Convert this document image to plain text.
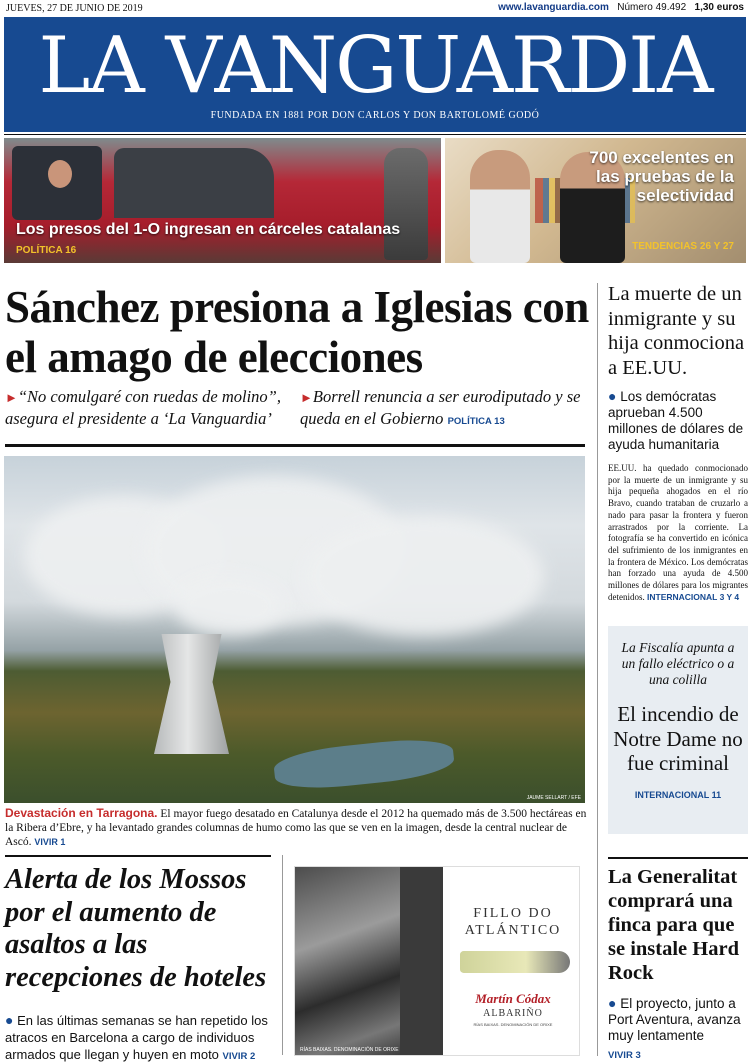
JUEVES, 27 DE JUNIO DE 2019	www.lavanguardia.com Número 49.492 1,30 euros
LA VANGUARDIA
FUNDADA EN 1881 POR DON CARLOS Y DON BARTOLOMÉ GODÓ
Los presos del 1-O ingresan en cárceles catalanas
POLÍTICA 16
700 excelentes en las pruebas de la selectividad
TENDENCIAS 26 Y 27
Sánchez presiona a Iglesias con el amago de elecciones
►“No comulgaré con ruedas de molino”, asegura el presidente a ‘La Vanguardia’
►Borrell renuncia a ser eurodiputado y se queda en el Gobierno POLÍTICA 13
JAUME SELLART / EFE
Devastación en Tarragona. El mayor fuego desatado en Catalunya desde el 2012 ha quemado más de 3.500 hectáreas en la Ribera d’Ebre, y ha levantado grandes columnas de humo como las que se ven en la imagen, desde la central nuclear de Ascó. VIVIR 1
Alerta de los Mossos por el aumento de asaltos a las recepciones de hoteles
● En las últimas semanas se han repetido los atracos en Barcelona a cargo de individuos armados que llegan y huyen en moto VIVIR 2
RÍAS BAIXAS. DENOMINACIÓN DE ORIXE
FILLO DO ATLÁNTICO
Martín Códax
ALBARIÑO
RÍAS BAIXAS. DENOMINACIÓN DE ORIXE
La muerte de un inmigrante y su hija conmociona a EE.UU.
● Los demócratas aprueban 4.500 millones de dólares de ayuda humanitaria
EE.UU. ha quedado conmocionado por la muerte de un inmigrante y su hija pequeña ahogados en el río Bravo, cuando trataban de cruzarlo a nado para pasar la frontera y fueron arrastrados por la corriente. La fotografía se ha convertido en icónica del sufrimiento de los inmigrantes en la frontera de México. Los demócratas han forzado una ayuda de 4.500 millones de dólares para los migrantes detenidos. INTERNACIONAL 3 Y 4
La Fiscalía apunta a un fallo eléctrico o a una colilla
El incendio de Notre Dame no fue criminal
INTERNACIONAL 11
La Generalitat comprará una finca para que se instale Hard Rock
● El proyecto, junto a Port Aventura, avanza muy lentamente
VIVIR 3
